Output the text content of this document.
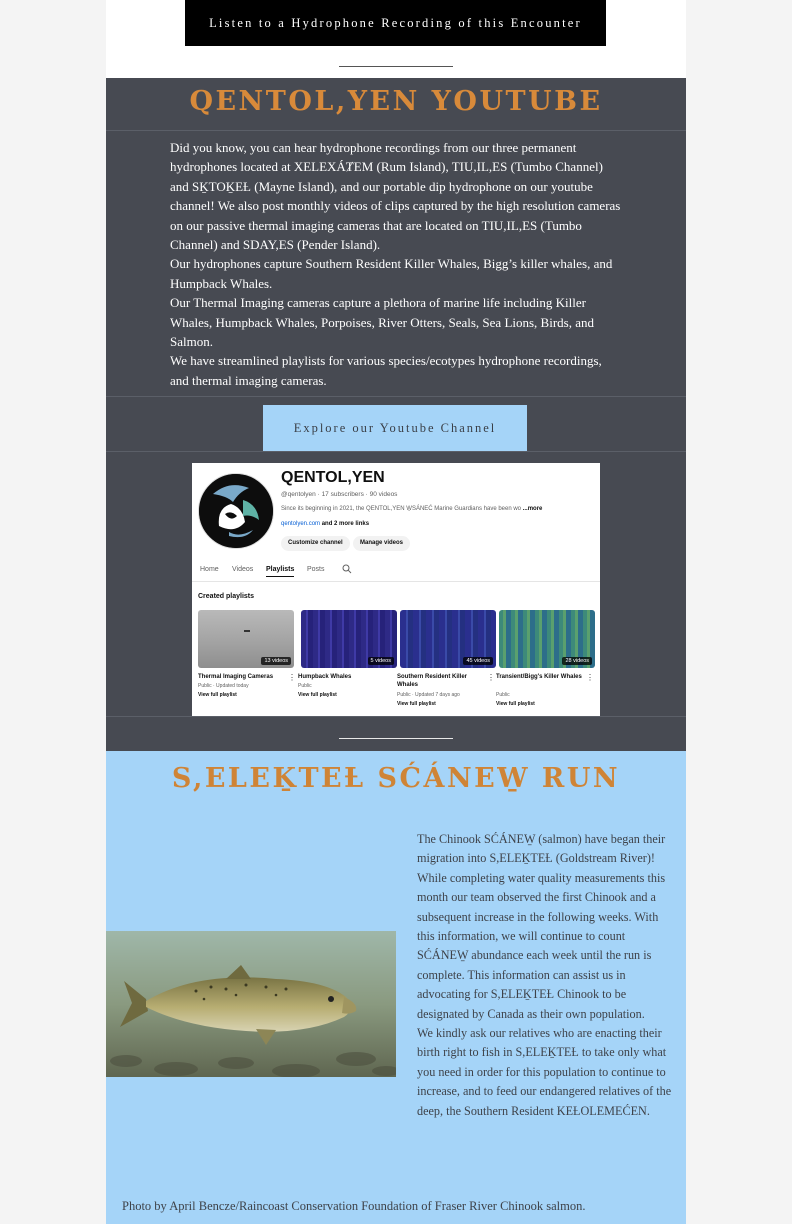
Listen to a Hydrophone Recording of this Encounter
QENTOL,YEN YOUTUBE

Did you know, you can hear hydrophone recordings from our three permanent hydrophones located at XELEXÁȾEM (Rum Island), TIU,IL,ES (Tumbo Channel) and SḴTOḴEȽ (Mayne Island), and our portable dip hydrophone on our youtube channel! We also post monthly videos of clips captured by the high resolution cameras on our passive thermal imaging cameras that are located on TIU,IL,ES (Tumbo Channel) and SDAY,ES (Pender Island).

Our hydrophones capture Southern Resident Killer Whales, Bigg’s killer whales, and Humpback Whales.

Our Thermal Imaging cameras capture a plethora of marine life including Killer Whales, Humpback Whales, Porpoises, River Otters, Seals, Sea Lions, Birds, and Salmon.

We have streamlined playlists for various species/ecotypes hydrophone recordings, and thermal imaging cameras.

Explore our Youtube Channel
QENTOL,YEN
@qentolyen · 17 subscribers · 90 videos
Since its beginning in 2021, the QENTOL,YEN W̱SÁNEĆ Marine Guardians have been wo ...more
qentolyen.com and 2 more links
Customize channel	Manage videos
Home Videos Playlists Posts
Created playlists
13 videos
Thermal Imaging Cameras	⋮
Public · Updated today
View full playlist
5 videos
Humpback Whales
Public
View full playlist
45 videos
Southern Resident Killer Whales
⋮
Public · Updated 7 days ago
View full playlist
28 videos
Transient/Bigg's Killer Whales ⋮
Public
View full playlist
S,ELEḴTEȽ SĆÁNEW̱ RUN

The Chinook SĆÁNEW̱ (salmon) have began their migration into S,ELEḴTEȽ (Goldstream River)! While completing water quality measurements this month our team observed the first Chinook and a subsequent increase in the following weeks. With this information, we will continue to count SĆÁNEW̱ abundance each week until the run is complete. This information can assist us in advocating for S,ELEḴTEȽ Chinook to be designated by Canada as their own population.

We kindly ask our relatives who are enacting their birth right to fish in S,ELEḴTEȽ to take only what you need in order for this population to continue to increase, and to feed our endangered relatives of the deep, the Southern Resident KEȽOLEMEĆEN.

Photo by April Bencze/Raincoast Conservation Foundation of Fraser River Chinook salmon.
